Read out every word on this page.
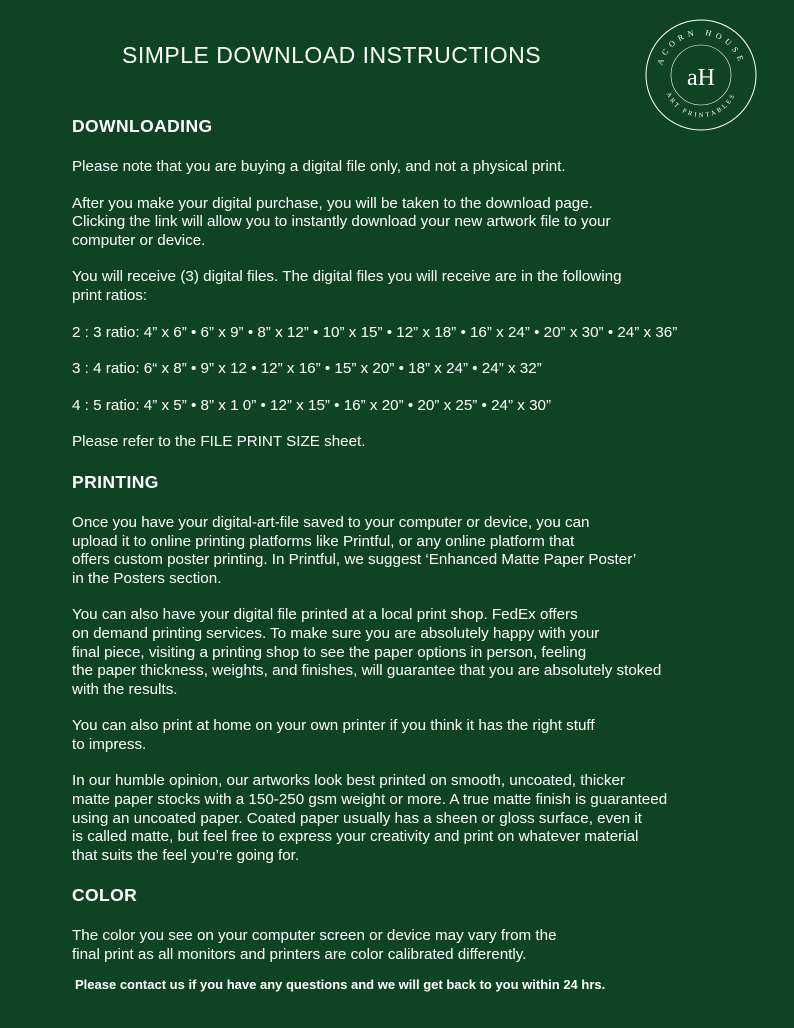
SIMPLE DOWNLOAD INSTRUCTIONS	ACORN HOUSE
ART PRINTABLES
aH
DOWNLOADING

Please note that you are buying a digital file only, and not a physical print.

After you make your digital purchase, you will be taken to the download page.
Clicking the link will allow you to instantly download your new artwork file to your
computer or device.

You will receive (3) digital files. The digital files you will receive are in the following
print ratios:

2 : 3 ratio: 4” x 6” • 6” x 9” • 8” x 12” • 10” x 15” • 12” x 18” • 16” x 24” • 20” x 30” • 24” x 36”

3 : 4 ratio: 6“ x 8” • 9” x 12 • 12” x 16” • 15” x 20” • 18” x 24” • 24” x 32”

4 : 5 ratio: 4” x 5” • 8” x 1 0” • 12” x 15” • 16” x 20” • 20” x 25” • 24” x 30”

Please refer to the FILE PRINT SIZE sheet.

PRINTING

Once you have your digital-art-file saved to your computer or device, you can
upload it to online printing platforms like Printful, or any online platform that
offers custom poster printing. In Printful, we suggest ‘Enhanced Matte Paper Poster’
in the Posters section.

You can also have your digital file printed at a local print shop. FedEx offers
on demand printing services. To make sure you are absolutely happy with your
final piece, visiting a printing shop to see the paper options in person, feeling
the paper thickness, weights, and finishes, will guarantee that you are absolutely stoked
with the results.

You can also print at home on your own printer if you think it has the right stuff
to impress.

In our humble opinion, our artworks look best printed on smooth, uncoated, thicker
matte paper stocks with a 150-250 gsm weight or more. A true matte finish is guaranteed
using an uncoated paper. Coated paper usually has a sheen or gloss surface, even it
is called matte, but feel free to express your creativity and print on whatever material
that suits the feel you’re going for.

COLOR

The color you see on your computer screen or device may vary from the
final print as all monitors and printers are color calibrated differently.

Please contact us if you have any questions and we will get back to you within 24 hrs.
